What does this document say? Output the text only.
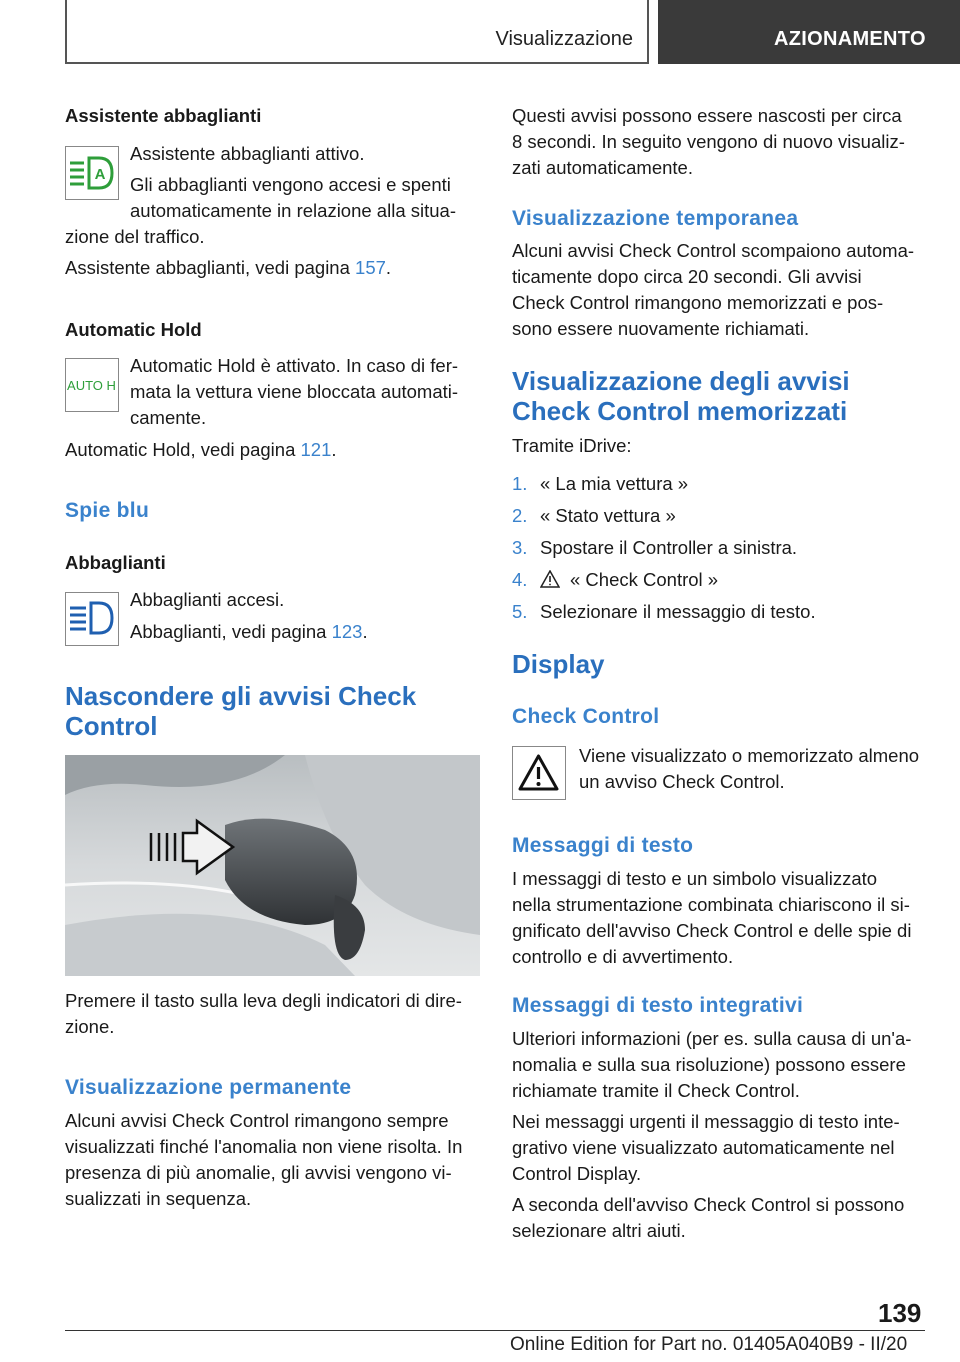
Visualizzazione	AZIONAMENTO

Assistente abbaglianti

A

Assistente abbaglianti attivo.

Gli abbaglianti vengono accesi e spenti

automaticamente in relazione alla situa-

zione del traffico.

Assistente abbaglianti, vedi pagina 157.

Automatic Hold

AUTO H

Automatic Hold è attivato. In caso di fer-

mata la vettura viene bloccata automati-

camente.

Automatic Hold, vedi pagina 121.

Spie blu

Abbaglianti

Abbaglianti accesi.

Abbaglianti, vedi pagina 123.

Nascondere gli avvisi Check

Control

Premere il tasto sulla leva degli indicatori di dire-

zione.

Visualizzazione permanente

Alcuni avvisi Check Control rimangono sempre

visualizzati finché l'anomalia non viene risolta. In

presenza di più anomalie, gli avvisi vengono vi-

sualizzati in sequenza.

Questi avvisi possono essere nascosti per circa

8 secondi. In seguito vengono di nuovo visualiz-

zati automaticamente.

Visualizzazione temporanea

Alcuni avvisi Check Control scompaiono automa-

ticamente dopo circa 20 secondi. Gli avvisi

Check Control rimangono memorizzati e pos-

sono essere nuovamente richiamati.

Visualizzazione degli avvisi

Check Control memorizzati

Tramite iDrive:

1. « La mia vettura »

2. « Stato vettura »

3. Spostare il Controller a sinistra.

4. « Check Control »

5. Selezionare il messaggio di testo.

Display

Check Control

Viene visualizzato o memorizzato almeno

un avviso Check Control.

Messaggi di testo

I messaggi di testo e un simbolo visualizzato

nella strumentazione combinata chiariscono il si-

gnificato dell'avviso Check Control e delle spie di

controllo e di avvertimento.

Messaggi di testo integrativi

Ulteriori informazioni (per es. sulla causa di un'a-

nomalia e sulla sua risoluzione) possono essere

richiamate tramite il Check Control.

Nei messaggi urgenti il messaggio di testo inte-

grativo viene visualizzato automaticamente nel

Control Display.

A seconda dell'avviso Check Control si possono

selezionare altri aiuti.

139
Online Edition for Part no. 01405A040B9 - II/20
